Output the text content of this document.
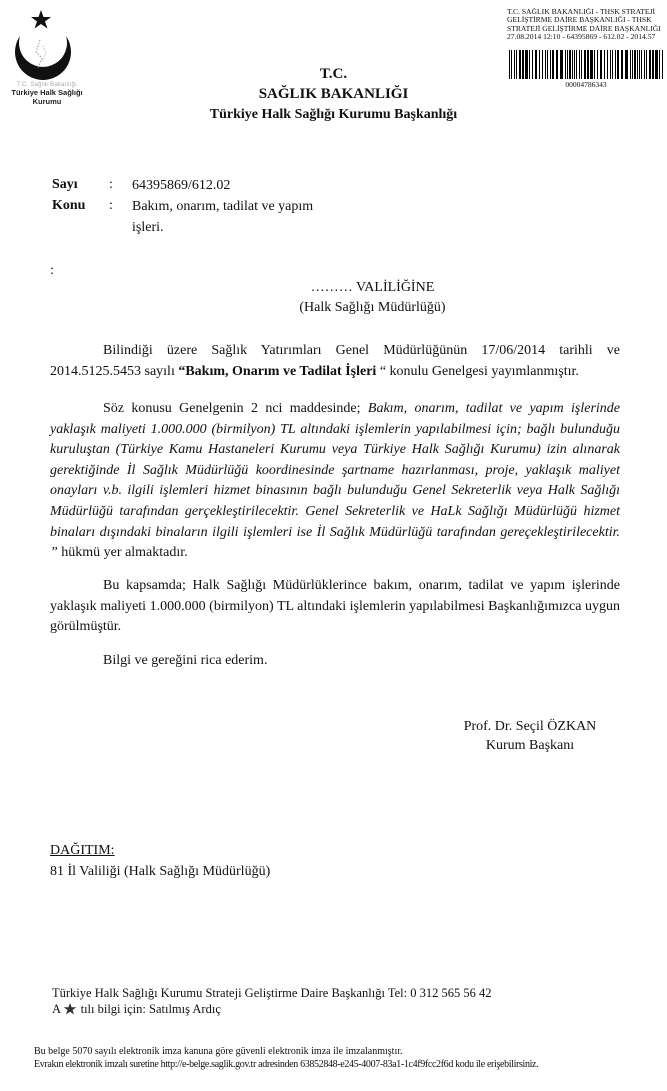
T.C. Sağlık Bakanlığı
Türkiye Halk Sağlığı
Kurumu
T.C. SAĞLIK BAKANLIĞI - THSK STRATEJİ
GELİŞTİRME DAİRE BAŞKANLIĞI - THSK
STRATEJİ GELİŞTİRME DAİRE BAŞKANLIĞI
27.08.2014 12:10 - 64395869 - 612.02 - 2014.57
00004786343
T.C.
SAĞLIK BAKANLIĞI
Türkiye Halk Sağlığı Kurumu Başkanlığı
Sayı : 64395869/612.02
Konu : Bakım, onarım, tadilat ve yapım
işleri.
:
……… VALİLİĞİNE
(Halk Sağlığı Müdürlüğü)

Bilindiği üzere Sağlık Yatırımları Genel Müdürlüğünün 17/06/2014 tarihli ve 2014.5125.5453 sayılı “Bakım, Onarım ve Tadilat İşleri “ konulu Genelgesi yayımlanmıştır.

Söz konusu Genelgenin 2 nci maddesinde; Bakım, onarım, tadilat ve yapım işlerinde yaklaşık maliyeti 1.000.000 (birmilyon) TL altındaki işlemlerin yapılabilmesi için; bağlı bulunduğu kuruluştan (Türkiye Kamu Hastaneleri Kurumu veya Türkiye Halk Sağlığı Kurumu) izin alınarak gerektiğinde İl Sağlık Müdürlüğü koordinesinde şartname hazırlanması, proje, yaklaşık maliyet onayları v.b. ilgili işlemleri hizmet binasının bağlı bulunduğu Genel Sekreterlik veya Halk Sağlığı Müdürlüğü tarafından gerçekleştirilecektir. Genel Sekreterlik ve HaLk Sağlığı Müdürlüğü hizmet binaları dışındaki binaların ilgili işlemleri ise İl Sağlık Müdürlüğü tarafından gereçekleştirilecektir. ” hükmü yer almaktadır.

Bu kapsamda; Halk Sağlığı Müdürlüklerince bakım, onarım, tadilat ve yapım işlerinde yaklaşık maliyeti 1.000.000 (birmilyon) TL altındaki işlemlerin yapılabilmesi Başkanlığımızca uygun görülmüştür.

Bilgi ve gereğini rica ederim.

Prof. Dr. Seçil ÖZKAN
Kurum Başkanı
DAĞITIM:
81 İl Valiliği (Halk Sağlığı Müdürlüğü)
Türkiye Halk Sağlığı Kurumu Strateji Geliştirme Daire Başkanlığı Tel: 0 312 565 56 42
A tılı bilgi için: Satılmış Ardıç
Bu belge 5070 sayılı elektronik imza kanuna göre güvenli elektronik imza ile imzalanmıştır.
Evrakın elektronik imzalı suretine http://e-belge.saglik.gov.tr adresinden 63852848-e245-4007-83a1-1c4f9fcc2f6d kodu ile erişebilirsiniz.
